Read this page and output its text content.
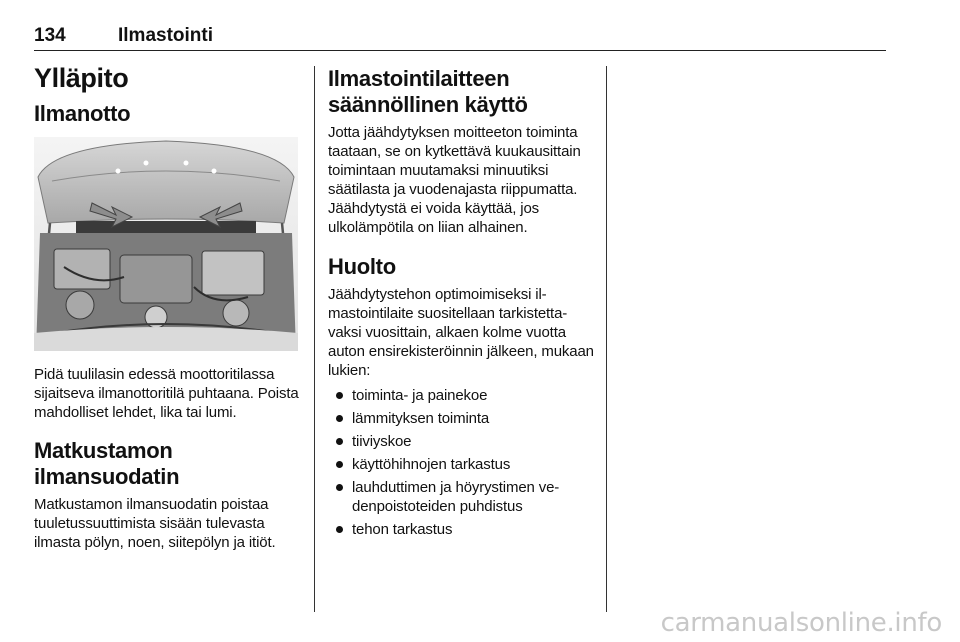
134	Ilmastointi
Ylläpito
Ilmanotto

Pidä tuulilasin edessä moottoritilassa sijaitseva ilmanottoritilä puhtaana. Poista mahdolliset lehdet, lika tai lumi.

Matkustamon ilmansuodatin

Matkustamon ilmansuodatin poistaa tuuletussuuttimista sisään tulevasta ilmasta pölyn, noen, siitepölyn ja itiöt.

Ilmastointilaitteen säännöllinen käyttö

Jotta jäähdytyksen moitteeton toiminta taataan, se on kytkettävä kuukausittain toimintaan muutamaksi minuutiksi säätilasta ja vuodenajasta riippumatta. Jäähdytystä ei voida käyttää, jos ulkolämpötila on liian alhainen.

Huolto

Jäähdytystehon optimoimiseksi ilmastointilaite suositellaan tarkistettavaksi vuosittain, alkaen kolme vuotta auton ensirekisteröinnin jälkeen, mukaan lukien:

toiminta- ja painekoe
lämmityksen toiminta
tiiviyskoe
käyttöhihnojen tarkastus
lauhduttimen ja höyrystimen vedenpoistoteiden puhdistus
tehon tarkastus
carmanualsonline.info
